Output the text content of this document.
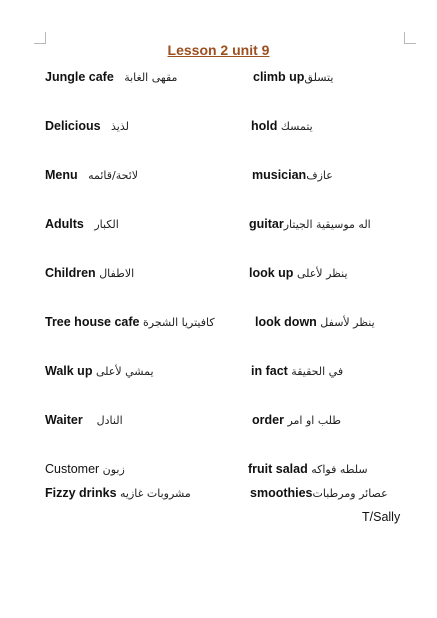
Lesson 2 unit 9
Jungle cafe مقهى الغابة
Delicious لذيذ
Menu لائحة/قائمه
Adults الكبار
Children الاطفال
Tree house cafe كافيتريا الشجرة
Walk up يمشي لأعلى
Waiter النادل
Customer زبون
Fizzy drinks مشروبات غازيه
climb upيتسلق
hold يتمسك
musicianعازف
guitarاله موسيقية الجيتار
look up ينظر لأعلى
look down ينظر لأسفل
in fact في الحقيقة
order طلب او امر
fruit salad سلطه فواكه
smoothiesعصائر ومرطبات
T/Sally
